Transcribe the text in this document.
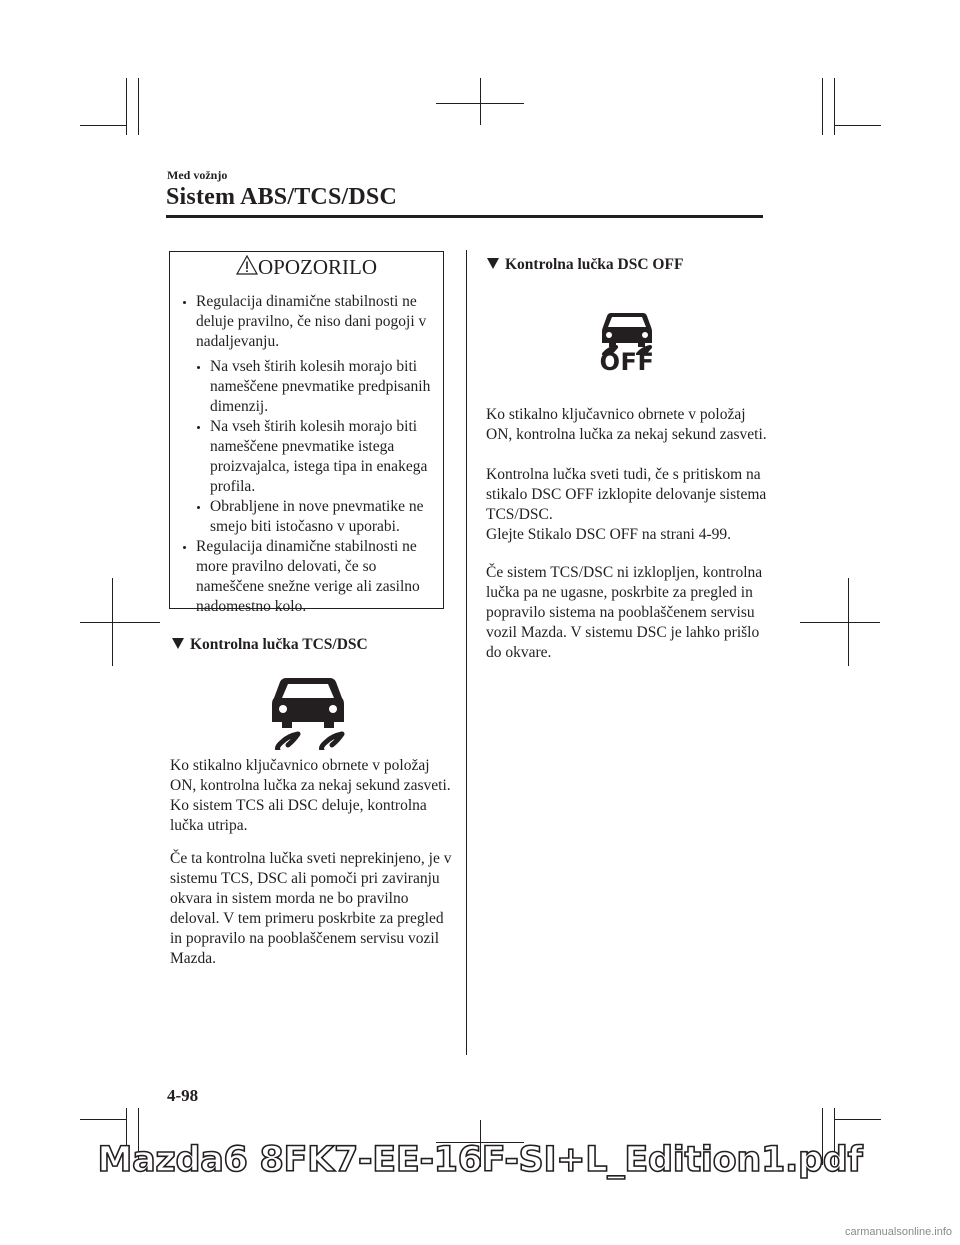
Med vožnjo
Sistem ABS/TCS/DSC
OPOZORILO
Regulacija dinamične stabilnosti ne deluje pravilno, če niso dani pogoji v nadaljevanju.
Na vseh štirih kolesih morajo biti nameščene pnevmatike predpisanih dimenzij.
Na vseh štirih kolesih morajo biti nameščene pnevmatike istega proizvajalca, istega tipa in enakega profila.
Obrabljene in nove pnevmatike ne smejo biti istočasno v uporabi.
Regulacija dinamične stabilnosti ne more pravilno delovati, če so nameščene snežne verige ali zasilno nadomestno kolo.
Kontrolna lučka TCS/DSC
Ko stikalno ključavnico obrnete v položaj ON, kontrolna lučka za nekaj sekund zasveti. Ko sistem TCS ali DSC deluje, kontrolna lučka utripa.
Če ta kontrolna lučka sveti neprekinjeno, je v sistemu TCS, DSC ali pomoči pri zaviranju okvara in sistem morda ne bo pravilno deloval. V tem primeru poskrbite za pregled in popravilo na pooblaščenem servisu vozil Mazda.
Kontrolna lučka DSC OFF
OFF
Ko stikalno ključavnico obrnete v položaj ON, kontrolna lučka za nekaj sekund zasveti.
Kontrolna lučka sveti tudi, če s pritiskom na stikalo DSC OFF izklopite delovanje sistema TCS/DSC.
Glejte Stikalo DSC OFF na strani 4-99.
Če sistem TCS/DSC ni izklopljen, kontrolna lučka pa ne ugasne, poskrbite za pregled in popravilo sistema na pooblaščenem servisu vozil Mazda. V sistemu DSC je lahko prišlo do okvare.
4-98
Mazda6 8FK7-EE-16F-SI+L_Edition1.pdf
carmanualsonline.info
